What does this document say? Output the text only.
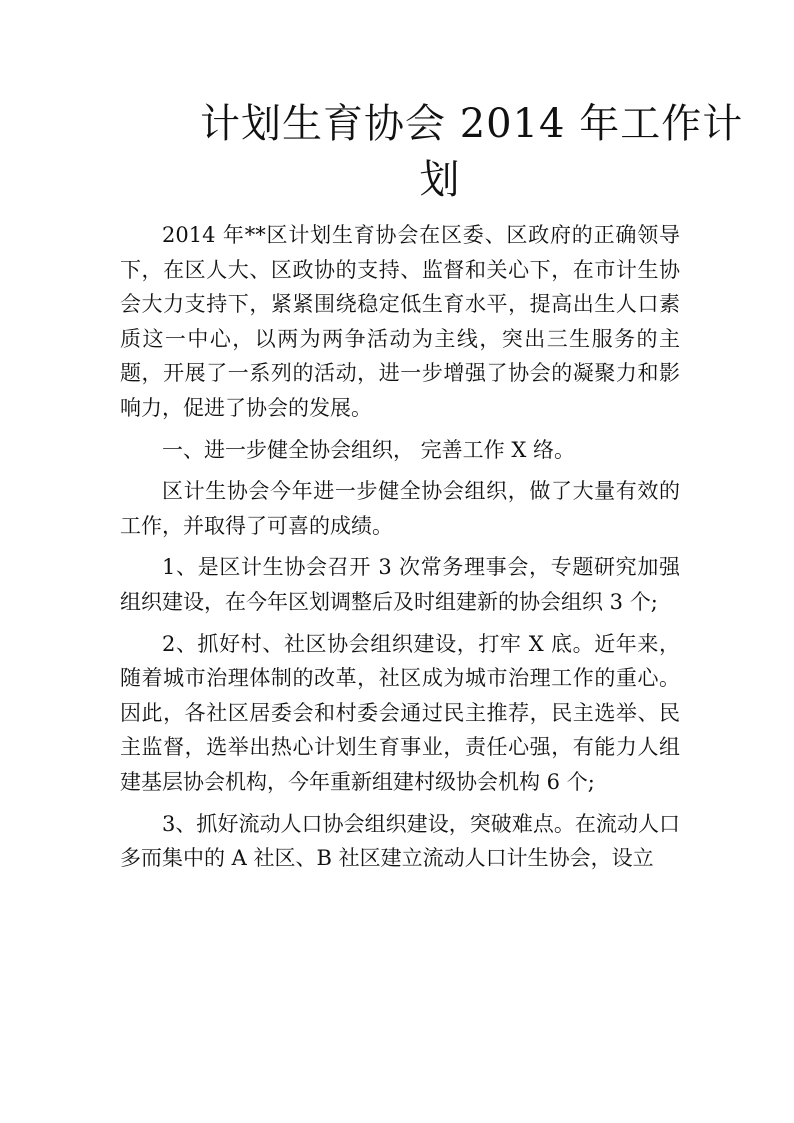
计划生育协会 2014 年工作计
划

2014 年**区计划生育协会在区委、区政府的正确领导下，在区人大、区政协的支持、监督和关心下，在市计生协会大力支持下，紧紧围绕稳定低生育水平，提高出生人口素质这一中心，以两为两争活动为主线，突出三生服务的主题，开展了一系列的活动，进一步增强了协会的凝聚力和影响力，促进了协会的发展。

一、进一步健全协会组织， 完善工作 X 络。

区计生协会今年进一步健全协会组织，做了大量有效的工作，并取得了可喜的成绩。

1、是区计生协会召开 3 次常务理事会，专题研究加强组织建设，在今年区划调整后及时组建新的协会组织 3 个;

2、抓好村、社区协会组织建设，打牢 X 底。近年来，随着城市治理体制的改革，社区成为城市治理工作的重心。因此，各社区居委会和村委会通过民主推荐，民主选举、民主监督，选举出热心计划生育事业，责任心强，有能力人组建基层协会机构，今年重新组建村级协会机构 6 个;

3、抓好流动人口协会组织建设，突破难点。在流动人口多而集中的 A 社区、B 社区建立流动人口计生协会，设立
